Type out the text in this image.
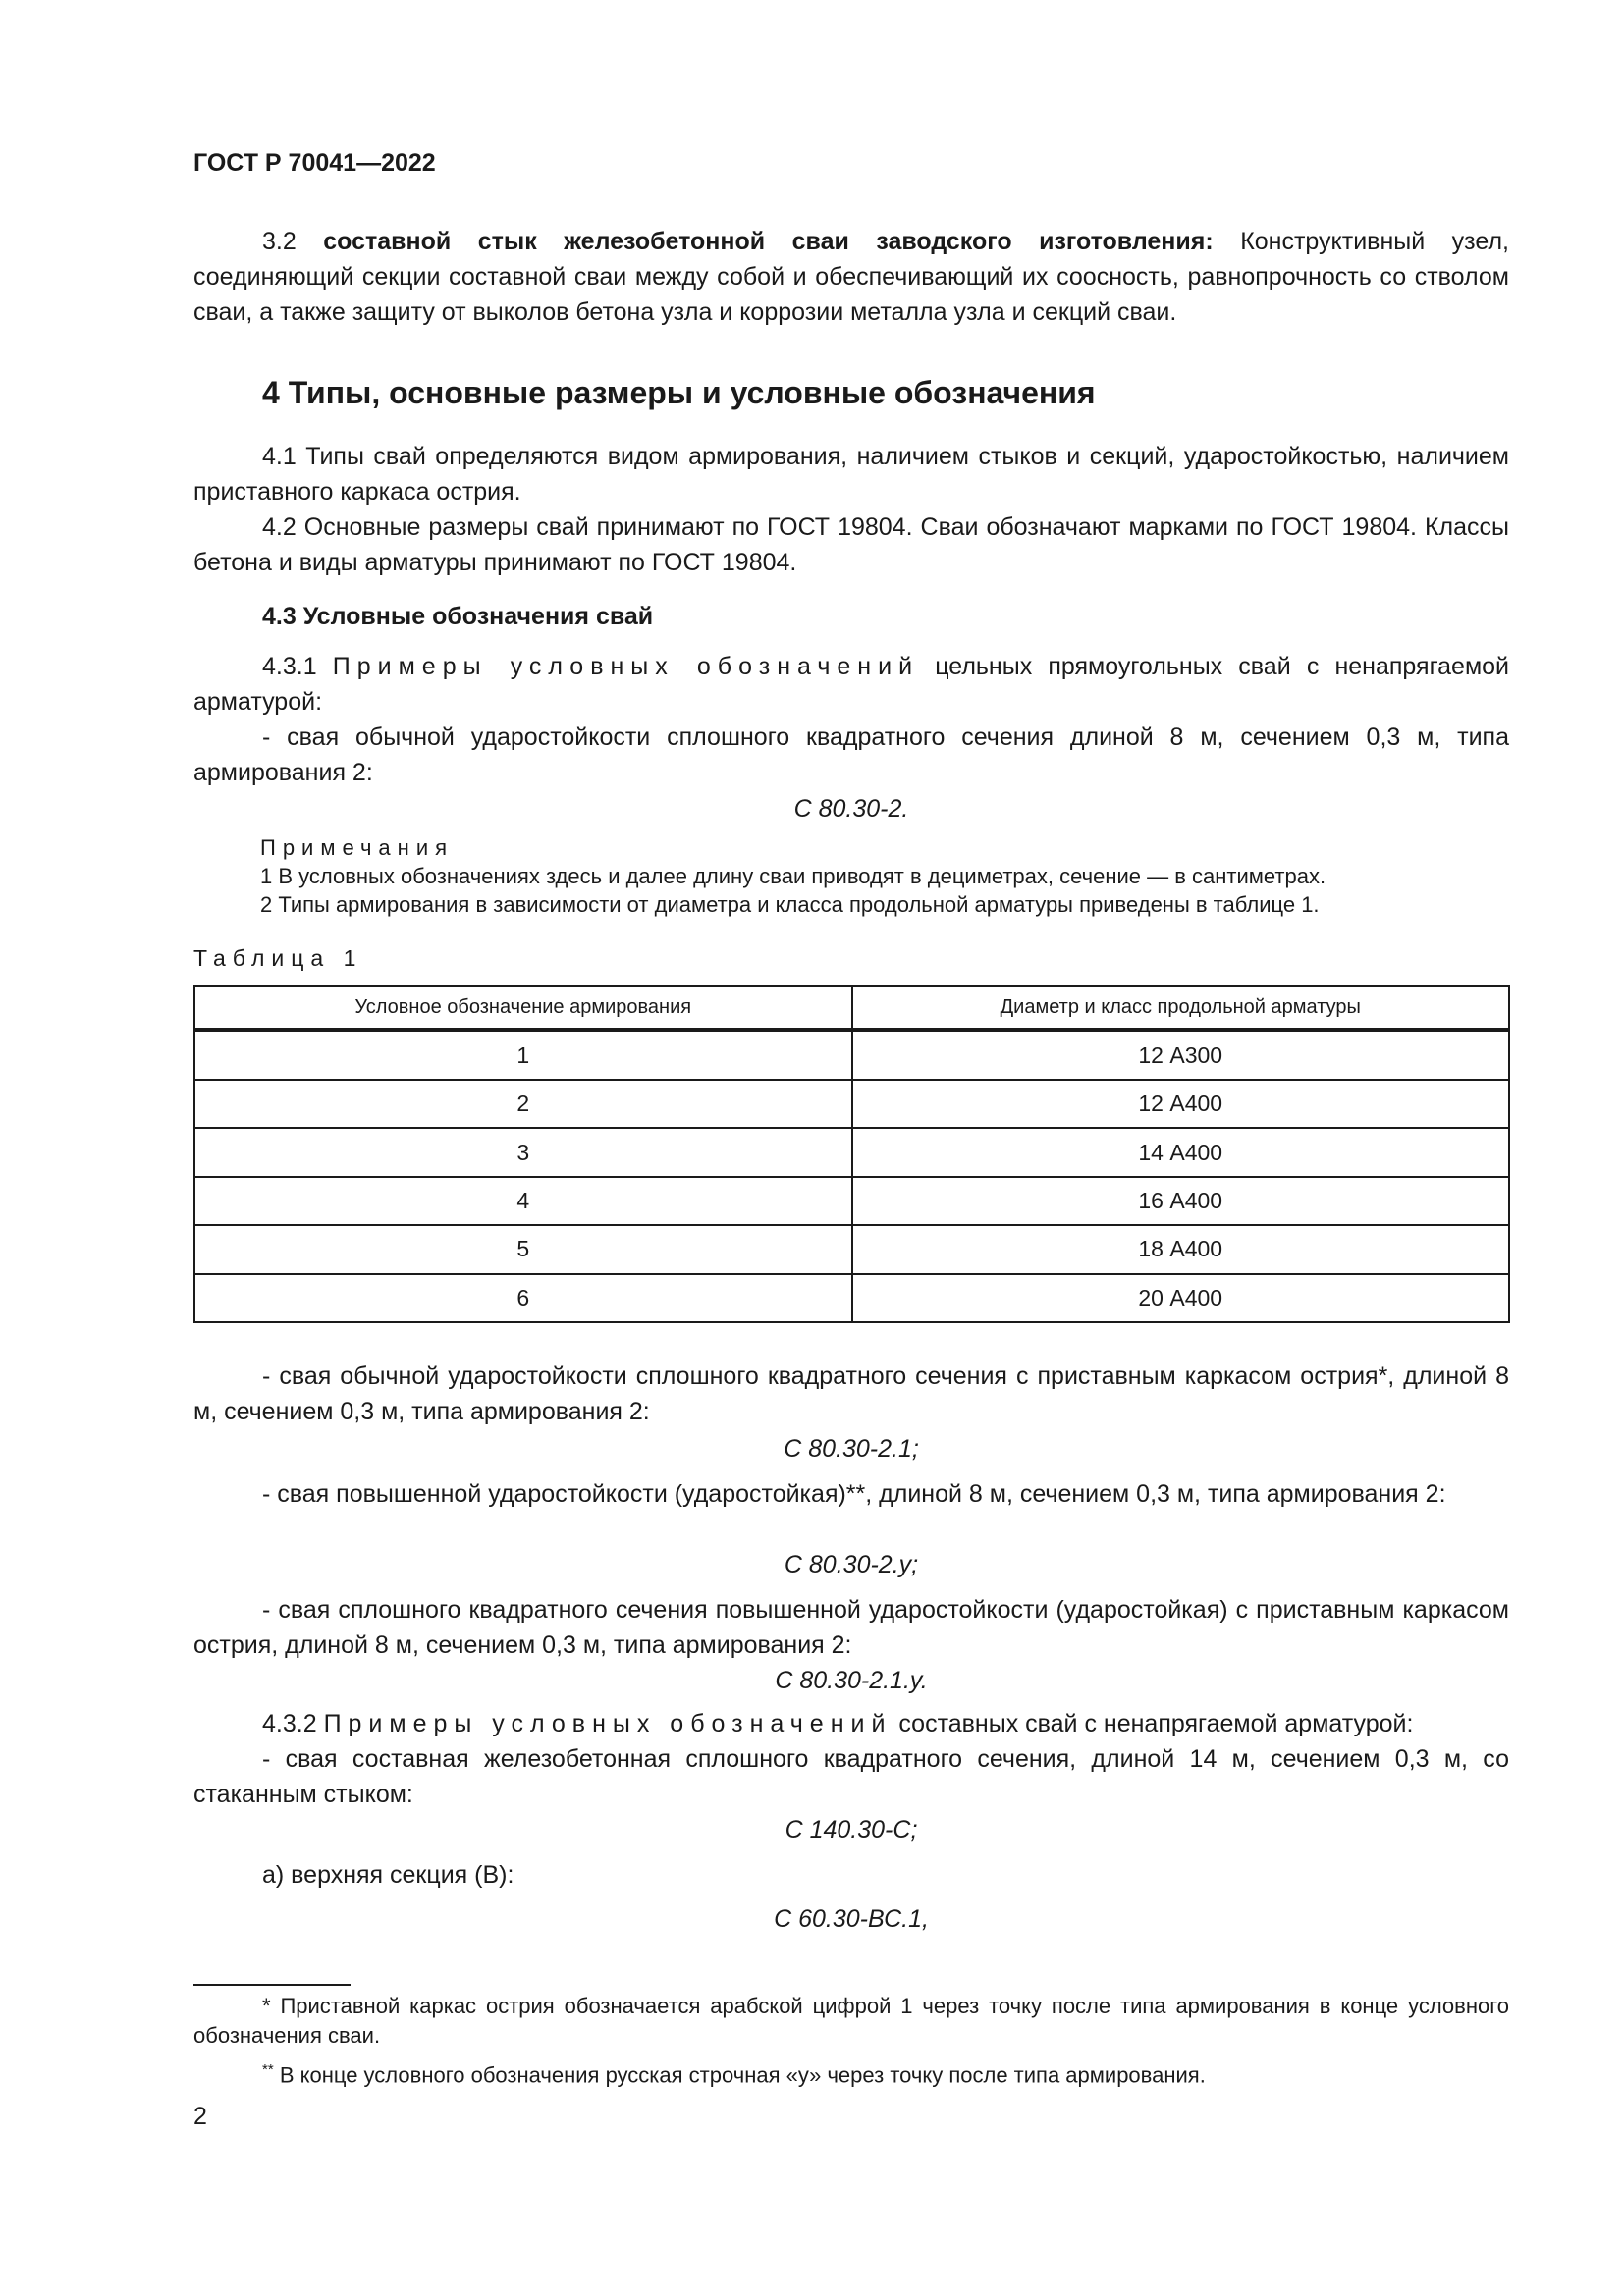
ГОСТ Р 70041—2022

3.2 составной стык железобетонной сваи заводского изготовления: Конструктивный узел, соединяющий секции составной сваи между собой и обеспечивающий их соосность, равнопрочность со стволом сваи, а также защиту от выколов бетона узла и коррозии металла узла и секций сваи.

4 Типы, основные размеры и условные обозначения

4.1 Типы свай определяются видом армирования, наличием стыков и секций, ударостойкостью, наличием приставного каркаса острия.

4.2 Основные размеры свай принимают по ГОСТ 19804. Сваи обозначают марками по ГОСТ 19804. Классы бетона и виды арматуры принимают по ГОСТ 19804.

4.3 Условные обозначения свай

4.3.1 Примеры условных обозначений цельных прямоугольных свай с ненапрягаемой арматурой:

- свая обычной ударостойкости сплошного квадратного сечения длиной 8 м, сечением 0,3 м, типа армирования 2:

С 80.30-2.

Примечания
1 В условных обозначениях здесь и далее длину сваи приводят в дециметрах, сечение — в сантиметрах.
2 Типы армирования в зависимости от диаметра и класса продольной арматуры приведены в таблице 1.
Таблица 1
Условное обозначение армирования	Диаметр и класс продольной арматуры
1	12 А300
2	12 А400
3	14 А400
4	16 А400
5	18 А400
6	20 А400

- свая обычной ударостойкости сплошного квадратного сечения с приставным каркасом острия*, длиной 8 м, сечением 0,3 м, типа армирования 2:

С 80.30-2.1;

- свая повышенной ударостойкости (ударостойкая)**, длиной 8 м, сечением 0,3 м, типа армирования 2:

С 80.30-2.у;

- свая сплошного квадратного сечения повышенной ударостойкости (ударостойкая) с приставным каркасом острия, длиной 8 м, сечением 0,3 м, типа армирования 2:

С 80.30-2.1.у.

4.3.2 Примеры условных обозначений составных свай с ненапрягаемой арматурой:

- свая составная железобетонная сплошного квадратного сечения, длиной 14 м, сечением 0,3 м, со стаканным стыком:

С 140.30-С;

а) верхняя секция (В):

С 60.30-ВС.1,

* Приставной каркас острия обозначается арабской цифрой 1 через точку после типа армирования в конце условного обозначения сваи.

** В конце условного обозначения русская строчная «у» через точку после типа армирования.

2
